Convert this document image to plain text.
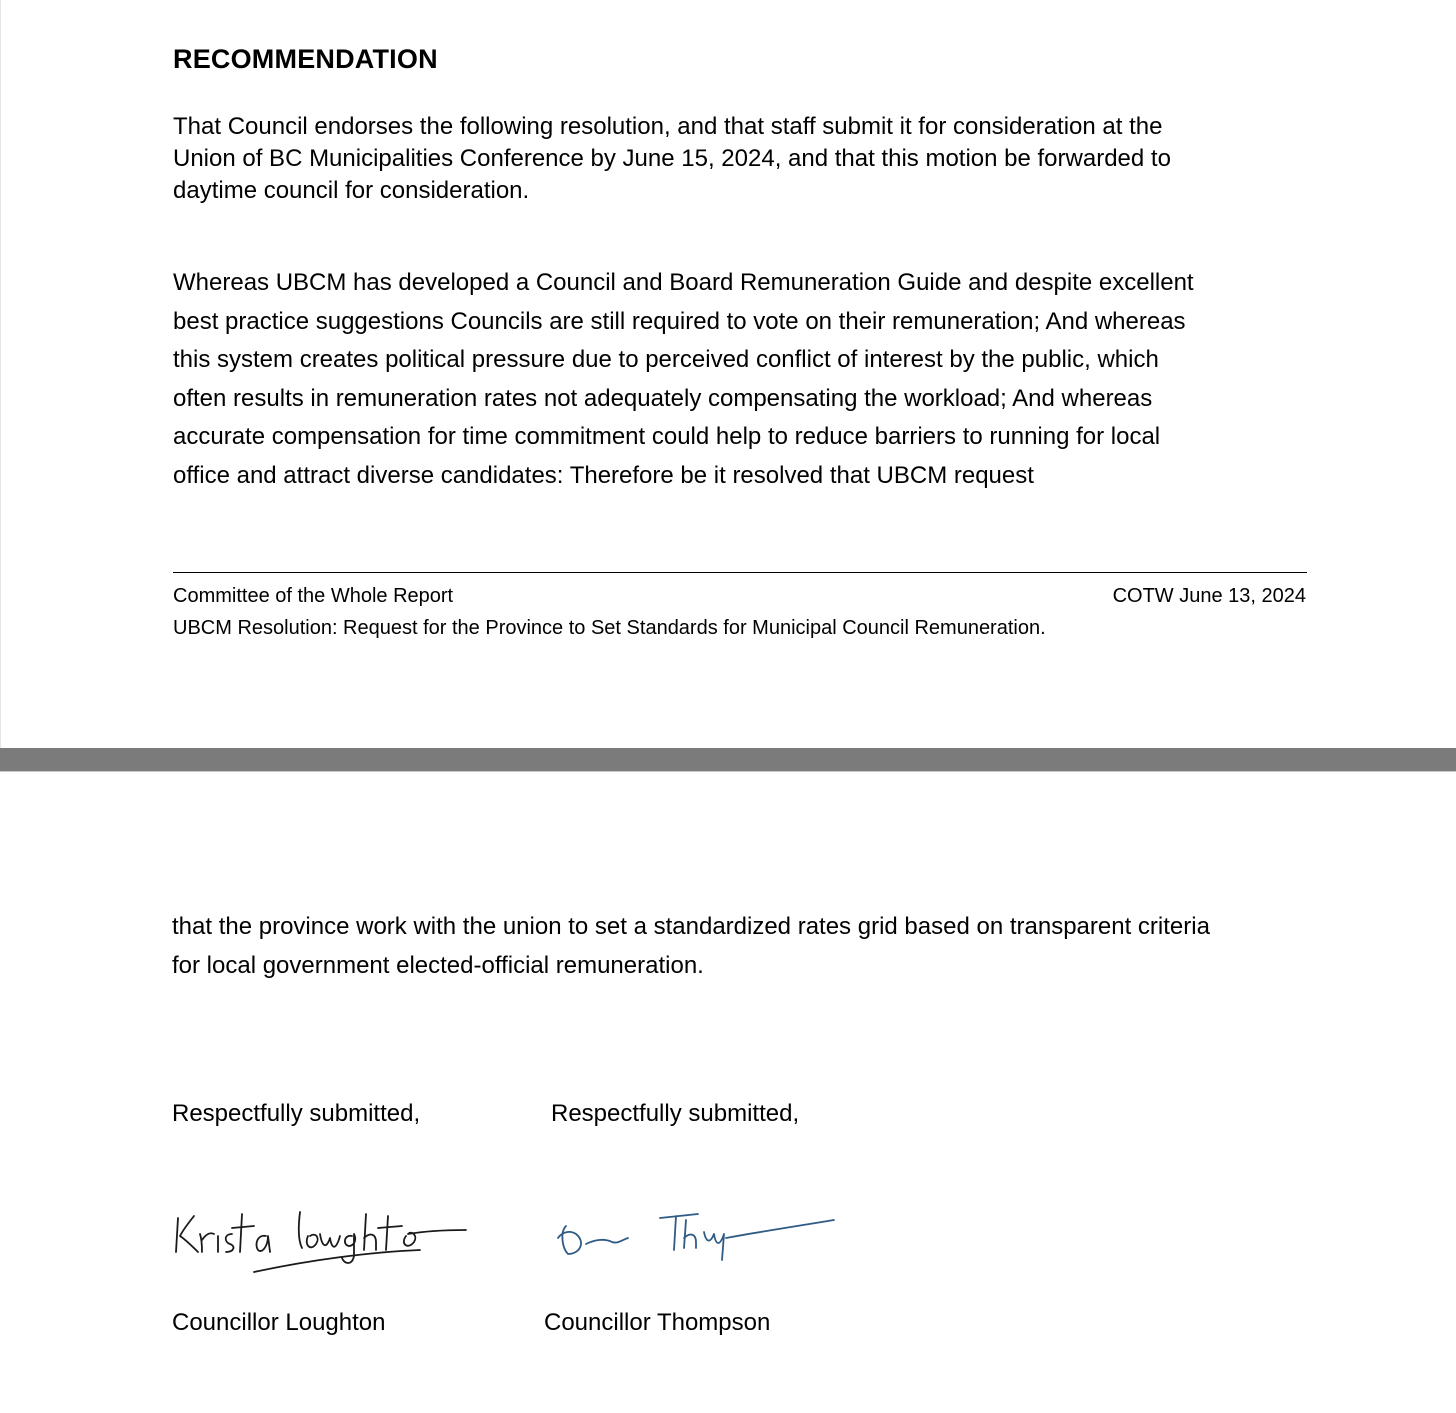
RECOMMENDATION

That Council endorses the following resolution, and that staff submit it for consideration at the
Union of BC Municipalities Conference by June 15, 2024, and that this motion be forwarded to
daytime council for consideration.

Whereas UBCM has developed a Council and Board Remuneration Guide and despite excellent
best practice suggestions Councils are still required to vote on their remuneration; And whereas
this system creates political pressure due to perceived conflict of interest by the public, which
often results in remuneration rates not adequately compensating the workload; And whereas
accurate compensation for time commitment could help to reduce barriers to running for local
office and attract diverse candidates: Therefore be it resolved that UBCM request

Committee of the Whole Report	COTW June 13, 2024
UBCM Resolution: Request for the Province to Set Standards for Municipal Council Remuneration.

that the province work with the union to set a standardized rates grid based on transparent criteria
for local government elected-official remuneration.

Respectfully submitted,	Respectfully submitted,
Councillor Loughton	Councillor Thompson
